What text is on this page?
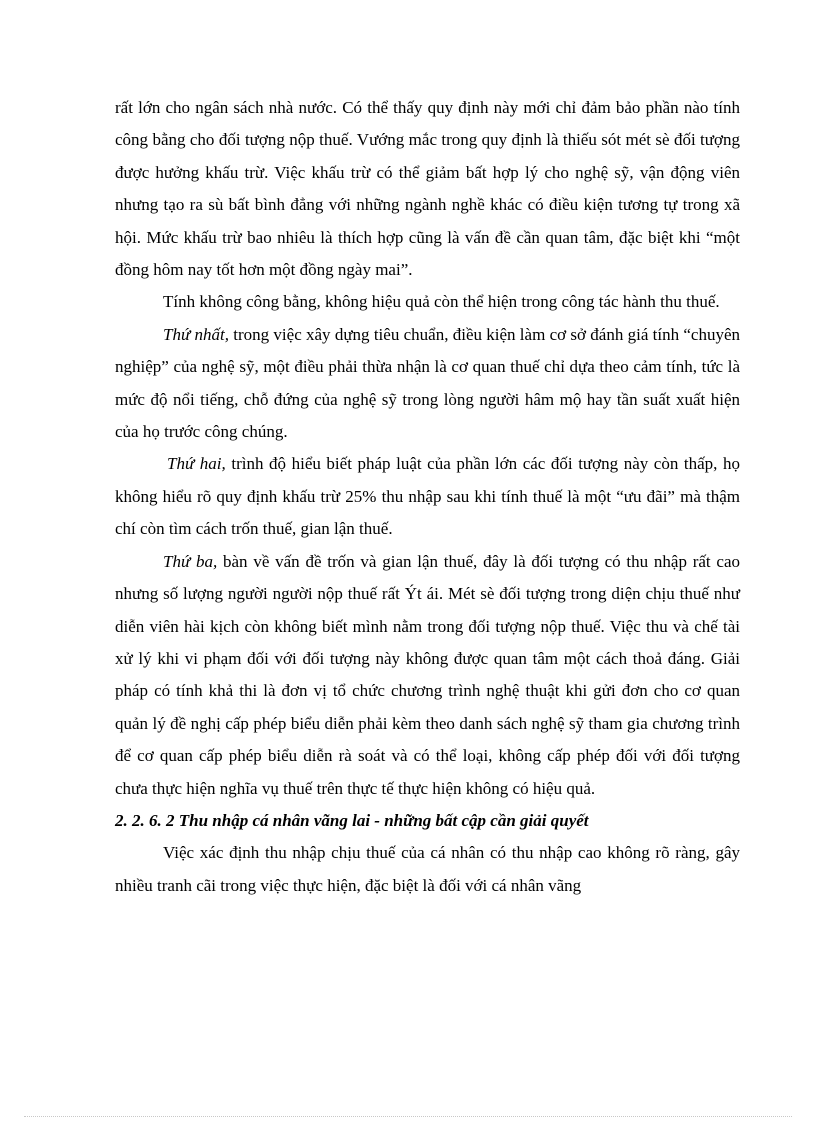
rất lớn cho ngân sách nhà nước. Có thể thấy quy định này mới chỉ đảm bảo phần nào tính công bằng cho đối tượng nộp thuế. Vướng mắc trong quy định là thiếu sót mét sè đối tượng được hưởng khấu trừ. Việc khấu trừ có thể giảm bất hợp lý cho nghệ sỹ, vận động viên nhưng tạo ra sù bất bình đẳng với những ngành nghề khác có điều kiện tương tự trong xã hội. Mức khấu trừ bao nhiêu là thích hợp cũng là vấn đề cần quan tâm, đặc biệt khi “một đồng hôm nay tốt hơn một đồng ngày mai”.

Tính không công bằng, không hiệu quả còn thể hiện trong công tác hành thu thuế.

Thứ nhất, trong việc xây dựng tiêu chuẩn, điều kiện làm cơ sở đánh giá tính “chuyên nghiệp” của nghệ sỹ, một điều phải thừa nhận là cơ quan thuế chỉ dựa theo cảm tính, tức là mức độ nổi tiếng, chỗ đứng của nghệ sỹ trong lòng người hâm mộ hay tần suất xuất hiện của họ trước công chúng.

Thứ hai, trình độ hiểu biết pháp luật của phần lớn các đối tượng này còn thấp, họ không hiểu rõ quy định khấu trừ 25% thu nhập sau khi tính thuế là một “ưu đãi” mà thậm chí còn tìm cách trốn thuế, gian lận thuế.

Thứ ba, bàn về vấn đề trốn và gian lận thuế, đây là đối tượng có thu nhập rất cao nhưng số lượng người người nộp thuế rất Ýt ái. Mét sè đối tượng trong diện chịu thuế như diễn viên hài kịch còn không biết mình nằm trong đối tượng nộp thuế. Việc thu và chế tài xử lý khi vi phạm đối với đối tượng này không được quan tâm một cách thoả đáng. Giải pháp có tính khả thi là đơn vị tổ chức chương trình nghệ thuật khi gửi đơn cho cơ quan quản lý đề nghị cấp phép biểu diễn phải kèm theo danh sách nghệ sỹ tham gia chương trình để cơ quan cấp phép biểu diễn rà soát và có thể loại, không cấp phép đối với đối tượng chưa thực hiện nghĩa vụ thuế trên thực tế thực hiện không có hiệu quả.

2. 2. 6. 2 Thu nhập cá nhân vãng lai - những bất cập cần giải quyết

Việc xác định thu nhập chịu thuế của cá nhân có thu nhập cao không rõ ràng, gây nhiều tranh cãi trong việc thực hiện, đặc biệt là đối với cá nhân vãng
